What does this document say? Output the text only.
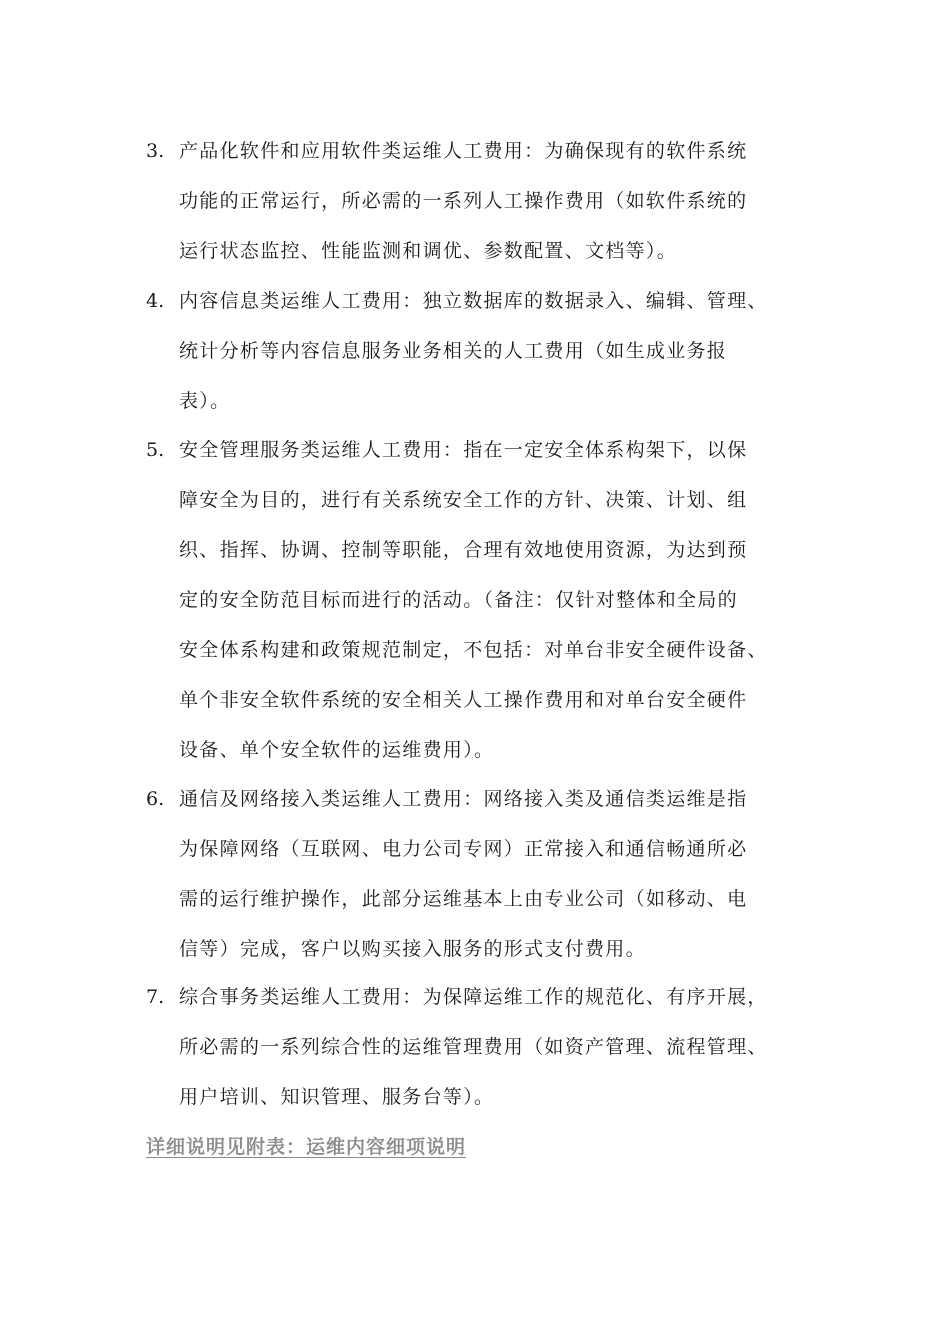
3. 产品化软件和应用软件类运维人工费用：为确保现有的软件系统
功能的正常运行，所必需的一系列人工操作费用（如软件系统的
运行状态监控、性能监测和调优、参数配置、文档等）。
4. 内容信息类运维人工费用：独立数据库的数据录入、编辑、管理、
统计分析等内容信息服务业务相关的人工费用（如生成业务报
表）。
5. 安全管理服务类运维人工费用：指在一定安全体系构架下，以保
障安全为目的，进行有关系统安全工作的方针、决策、计划、组
织、指挥、协调、控制等职能，合理有效地使用资源，为达到预
定的安全防范目标而进行的活动。（备注：仅针对整体和全局的
安全体系构建和政策规范制定，不包括：对单台非安全硬件设备、
单个非安全软件系统的安全相关人工操作费用和对单台安全硬件
设备、单个安全软件的运维费用）。
6. 通信及网络接入类运维人工费用：网络接入类及通信类运维是指
为保障网络（互联网、电力公司专网）正常接入和通信畅通所必
需的运行维护操作，此部分运维基本上由专业公司（如移动、电
信等）完成，客户以购买接入服务的形式支付费用。
7. 综合事务类运维人工费用：为保障运维工作的规范化、有序开展，
所必需的一系列综合性的运维管理费用（如资产管理、流程管理、
用户培训、知识管理、服务台等）。
详细说明见附表：运维内容细项说明
